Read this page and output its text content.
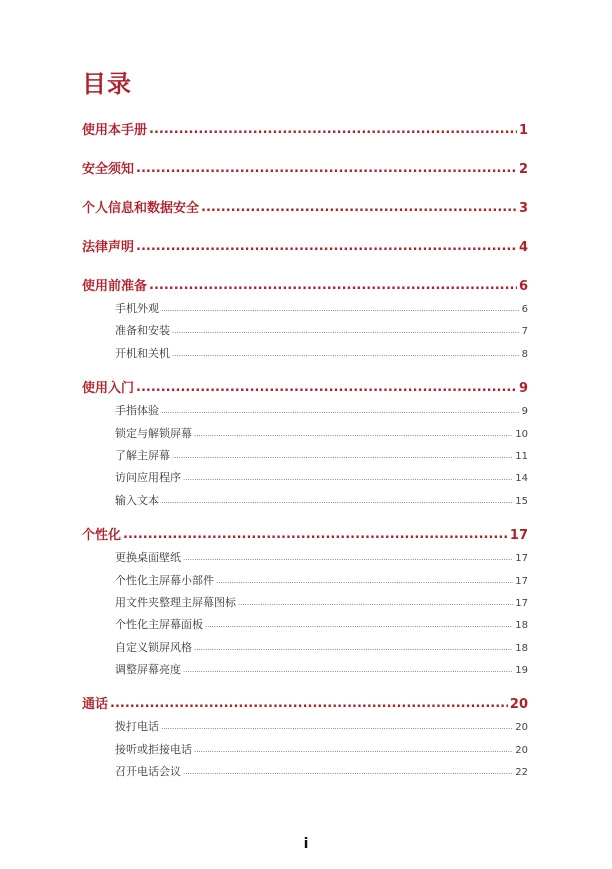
目录
使用本手册 .....	1
安全须知 .....	2
个人信息和数据安全 .....	3
法律声明 .....	4
使用前准备 .....	6
手机外观 .....	6
准备和安装 .....	7
开机和关机 .....	8
使用入门 .....	9
手指体验 .....	9
锁定与解锁屏幕 .....	10
了解主屏幕 .....	11
访问应用程序 .....	14
输入文本 .....	15
个性化 .....	17
更换桌面壁纸 .....	17
个性化主屏幕小部件 .....	17
用文件夹整理主屏幕图标 .....	17
个性化主屏幕面板 .....	18
自定义锁屏风格 .....	18
调整屏幕亮度 .....	19
通话 .....	20
拨打电话 .....	20
接听或拒接电话 .....	20
召开电话会议 .....	22
i
